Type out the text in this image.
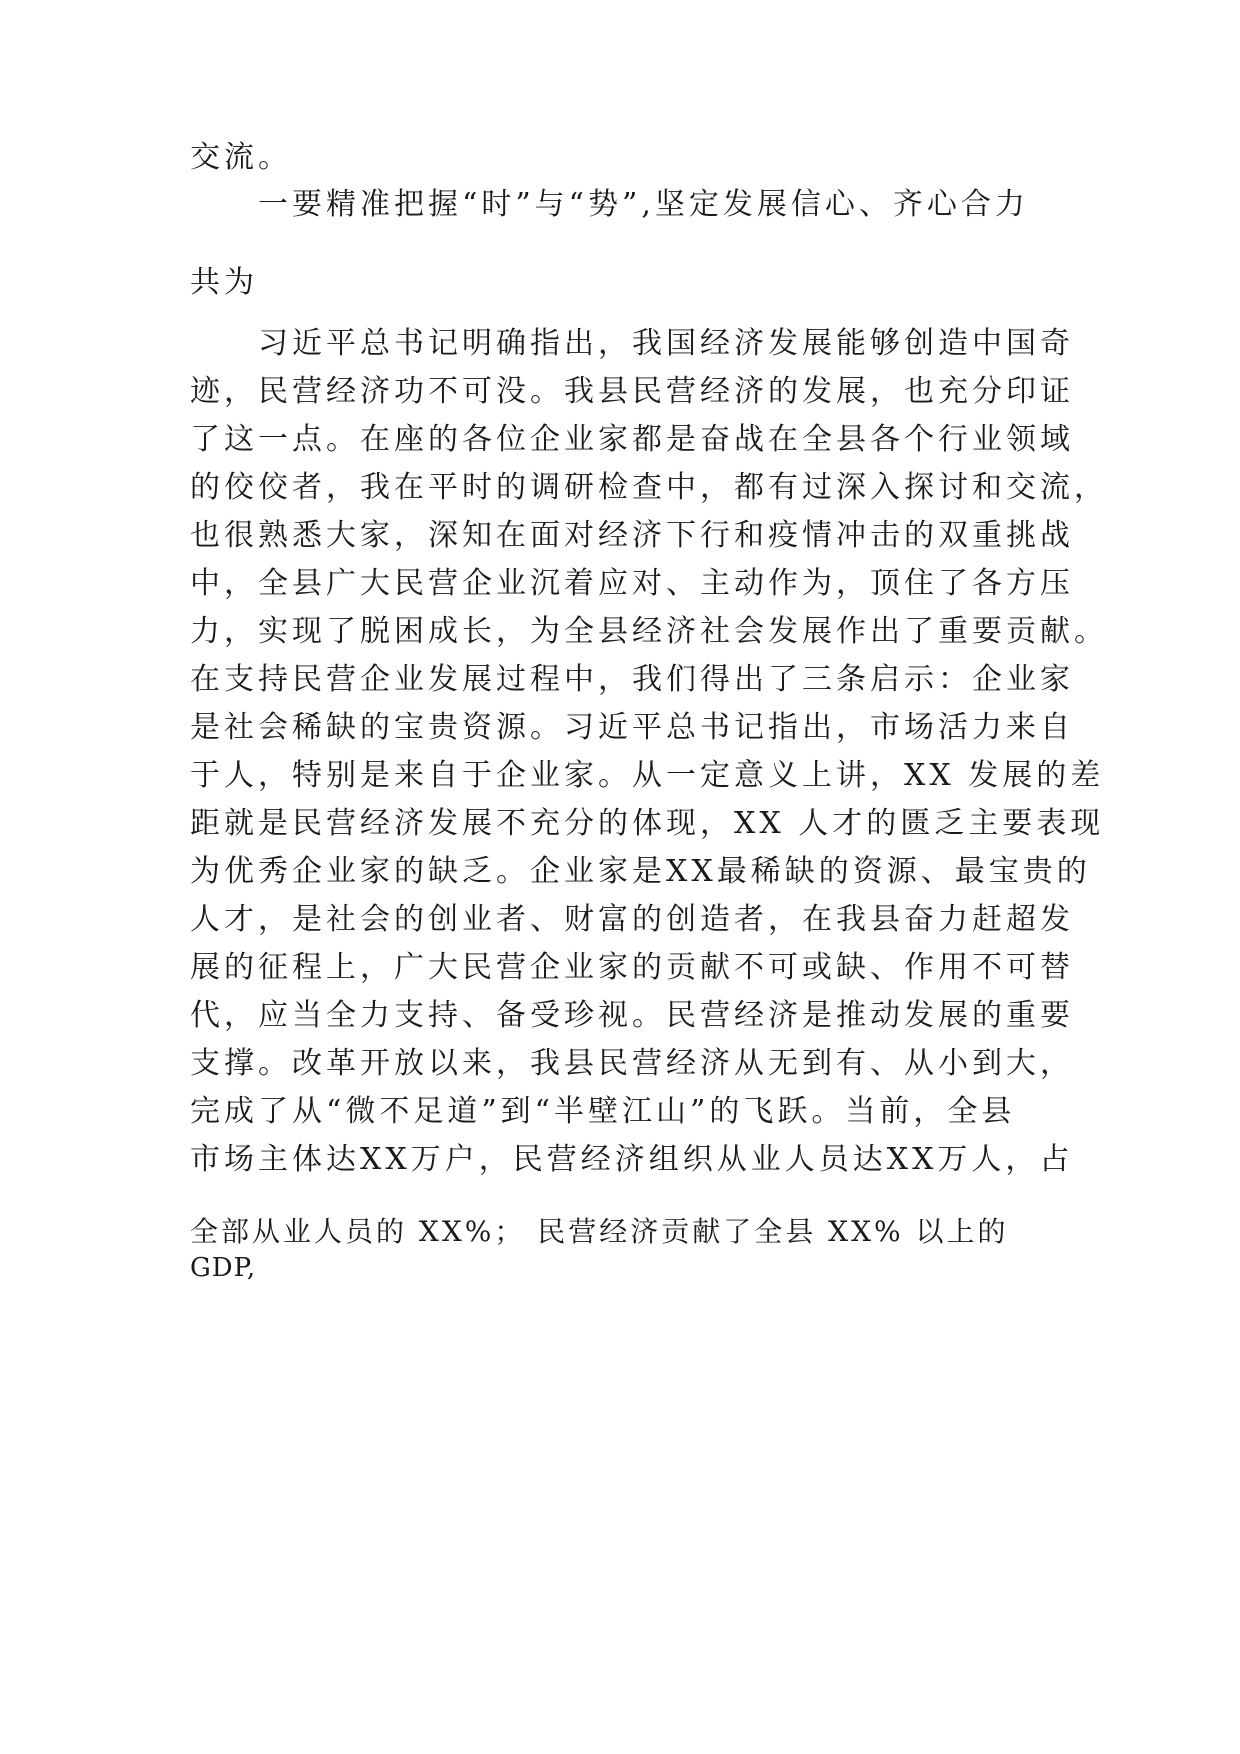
交流。
一要精准把握“时”与“势”,坚定发展信心、齐心合力
共为
习近平总书记明确指出，我国经济发展能够创造中国奇
迹，民营经济功不可没。我县民营经济的发展，也充分印证
了这一点。在座的各位企业家都是奋战在全县各个行业领域
的佼佼者，我在平时的调研检查中，都有过深入探讨和交流，
也很熟悉大家，深知在面对经济下行和疫情冲击的双重挑战
中，全县广大民营企业沉着应对、主动作为，顶住了各方压
力，实现了脱困成长，为全县经济社会发展作出了重要贡献。
在支持民营企业发展过程中，我们得出了三条启示：企业家
是社会稀缺的宝贵资源。习近平总书记指出，市场活力来自
于人，特别是来自于企业家。从一定意义上讲，XX 发展的差
距就是民营经济发展不充分的体现，XX 人才的匮乏主要表现
为优秀企业家的缺乏。企业家是XX最稀缺的资源、最宝贵的
人才，是社会的创业者、财富的创造者，在我县奋力赶超发
展的征程上，广大民营企业家的贡献不可或缺、作用不可替
代，应当全力支持、备受珍视。民营经济是推动发展的重要
支撑。改革开放以来，我县民营经济从无到有、从小到大，
完成了从“微不足道”到“半壁江山”的飞跃。当前，全县
市场主体达XX万户，民营经济组织从业人员达XX万人，占
全部从业人员的 XX%； 民营经济贡献了全县 XX% 以上的
GDP,
